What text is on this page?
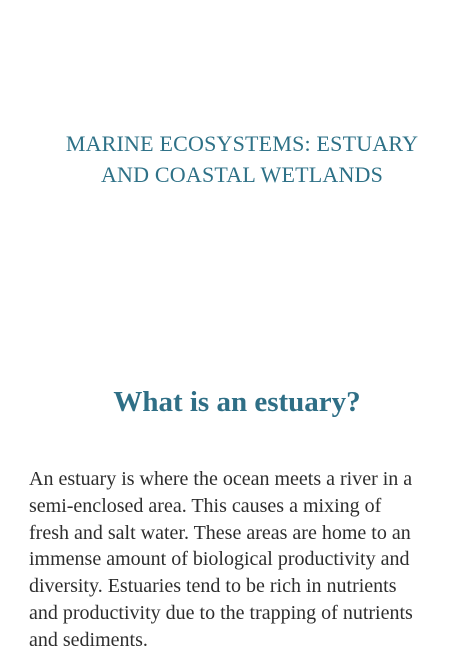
MARINE ECOSYSTEMS: ESTUARY
AND COASTAL WETLANDS
What is an estuary?
An estuary is where the ocean meets a river in a
semi-enclosed area. This causes a mixing of
fresh and salt water. These areas are home to an
immense amount of biological productivity and
diversity. Estuaries tend to be rich in nutrients
and productivity due to the trapping of nutrients
and sediments.
